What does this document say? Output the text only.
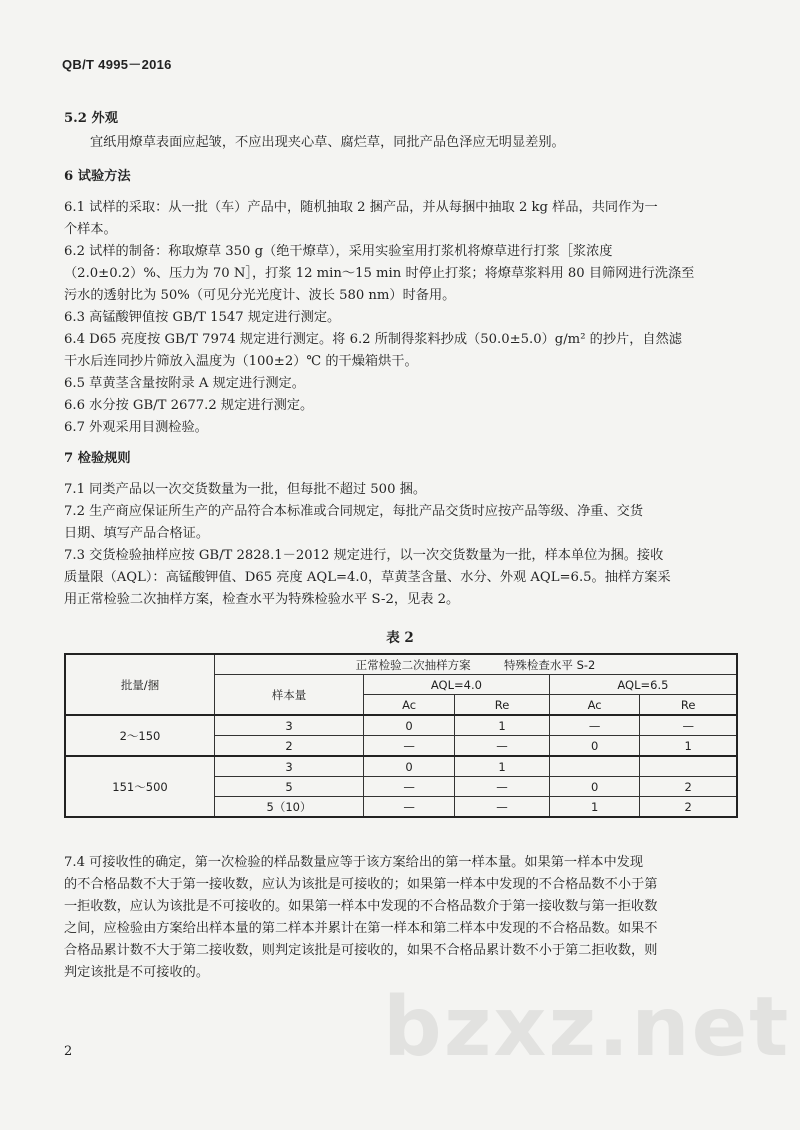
QB/T 4995－2016
5.2 外观
宜纸用燎草表面应起皱，不应出现夹心草、腐烂草，同批产品色泽应无明显差别。
6 试验方法
6.1 试样的采取：从一批（车）产品中，随机抽取 2 捆产品，并从每捆中抽取 2 kg 样品，共同作为一
个样本。
6.2 试样的制备：称取燎草 350 g（绝干燎草），采用实验室用打浆机将燎草进行打浆［浆浓度
（2.0±0.2）%、压力为 70 N］，打浆 12 min～15 min 时停止打浆；将燎草浆料用 80 目筛网进行洗涤至
污水的透射比为 50%（可见分光光度计、波长 580 nm）时备用。
6.3 高锰酸钾值按 GB/T 1547 规定进行测定。
6.4 D65 亮度按 GB/T 7974 规定进行测定。将 6.2 所制得浆料抄成（50.0±5.0）g/m² 的抄片，自然滤
干水后连同抄片筛放入温度为（100±2）℃ 的干燥箱烘干。
6.5 草黄茎含量按附录 A 规定进行测定。
6.6 水分按 GB/T 2677.2 规定进行测定。
6.7 外观采用目测检验。
7 检验规则
7.1 同类产品以一次交货数量为一批，但每批不超过 500 捆。
7.2 生产商应保证所生产的产品符合本标准或合同规定，每批产品交货时应按产品等级、净重、交货
日期、填写产品合格证。
7.3 交货检验抽样应按 GB/T 2828.1－2012 规定进行，以一次交货数量为一批，样本单位为捆。接收
质量限（AQL）：高锰酸钾值、D65 亮度 AQL=4.0，草黄茎含量、水分、外观 AQL=6.5。抽样方案采
用正常检验二次抽样方案，检查水平为特殊检验水平 S-2，见表 2。
表 2
批量/捆	正常检验二次抽样方案 特殊检查水平 S-2				
	样本量	AQL=4.0		AQL=6.5	
		Ac	Re	Ac	Re
2～150	3	0	1	—	—
	2	—	—	0	1
151～500	3	0	1		
	5	—	—	0	2
	5（10）	—	—	1	2
7.4 可接收性的确定，第一次检验的样品数量应等于该方案给出的第一样本量。如果第一样本中发现
的不合格品数不大于第一接收数，应认为该批是可接收的；如果第一样本中发现的不合格品数不小于第
一拒收数，应认为该批是不可接收的。如果第一样本中发现的不合格品数介于第一接收数与第一拒收数
之间，应检验由方案给出样本量的第二样本并累计在第一样本和第二样本中发现的不合格品数。如果不
合格品累计数不大于第二接收数，则判定该批是可接收的，如果不合格品累计数不小于第二拒收数，则
判定该批是不可接收的。
bzxz.net
2
